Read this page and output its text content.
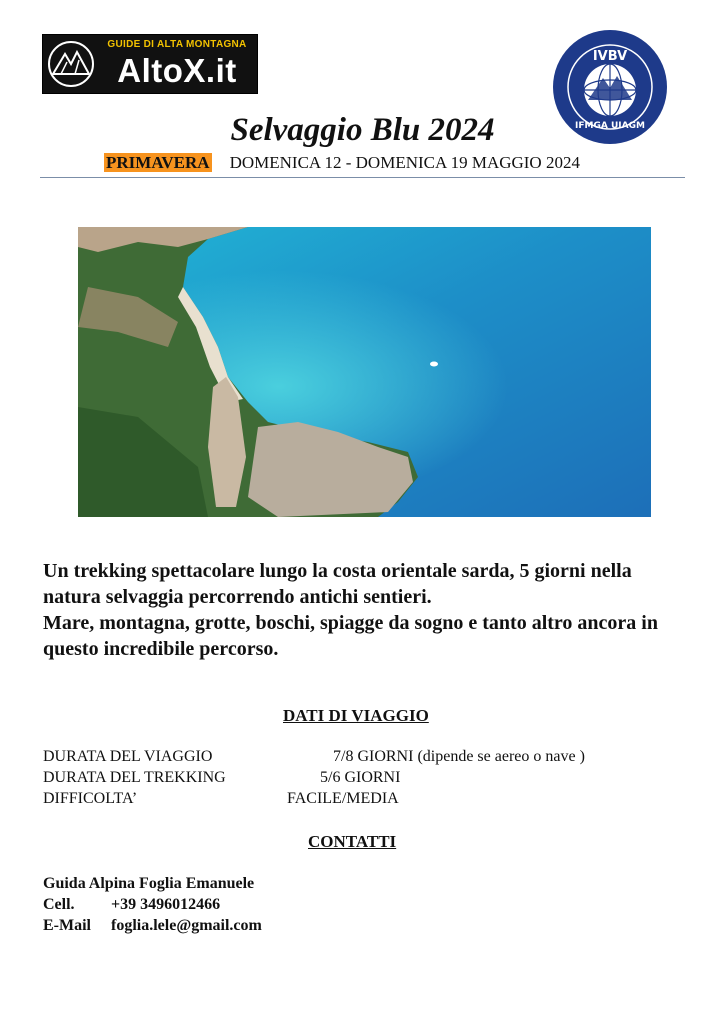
GUIDE DI ALTA MONTAGNA
AltoX.it	IVBV
IFMGA UIAGM
Selvaggio Blu 2024
PRIMAVERA DOMENICA 12 - DOMENICA 19 MAGGIO 2024

Un trekking spettacolare lungo la costa orientale sarda, 5 giorni nella natura selvaggia percorrendo antichi sentieri.

Mare, montagna, grotte, boschi, spiagge da sogno e tanto altro ancora in questo incredibile percorso.

DATI DI VIAGGIO
DURATA DEL VIAGGIO	7/8 GIORNI (dipende se aereo o nave )
DURATA DEL TREKKING	5/6 GIORNI
DIFFICOLTA’	FACILE/MEDIA
CONTATTI
Guida Alpina Foglia Emanuele
Cell. +39 3496012466
E-Mail foglia.lele@gmail.com
